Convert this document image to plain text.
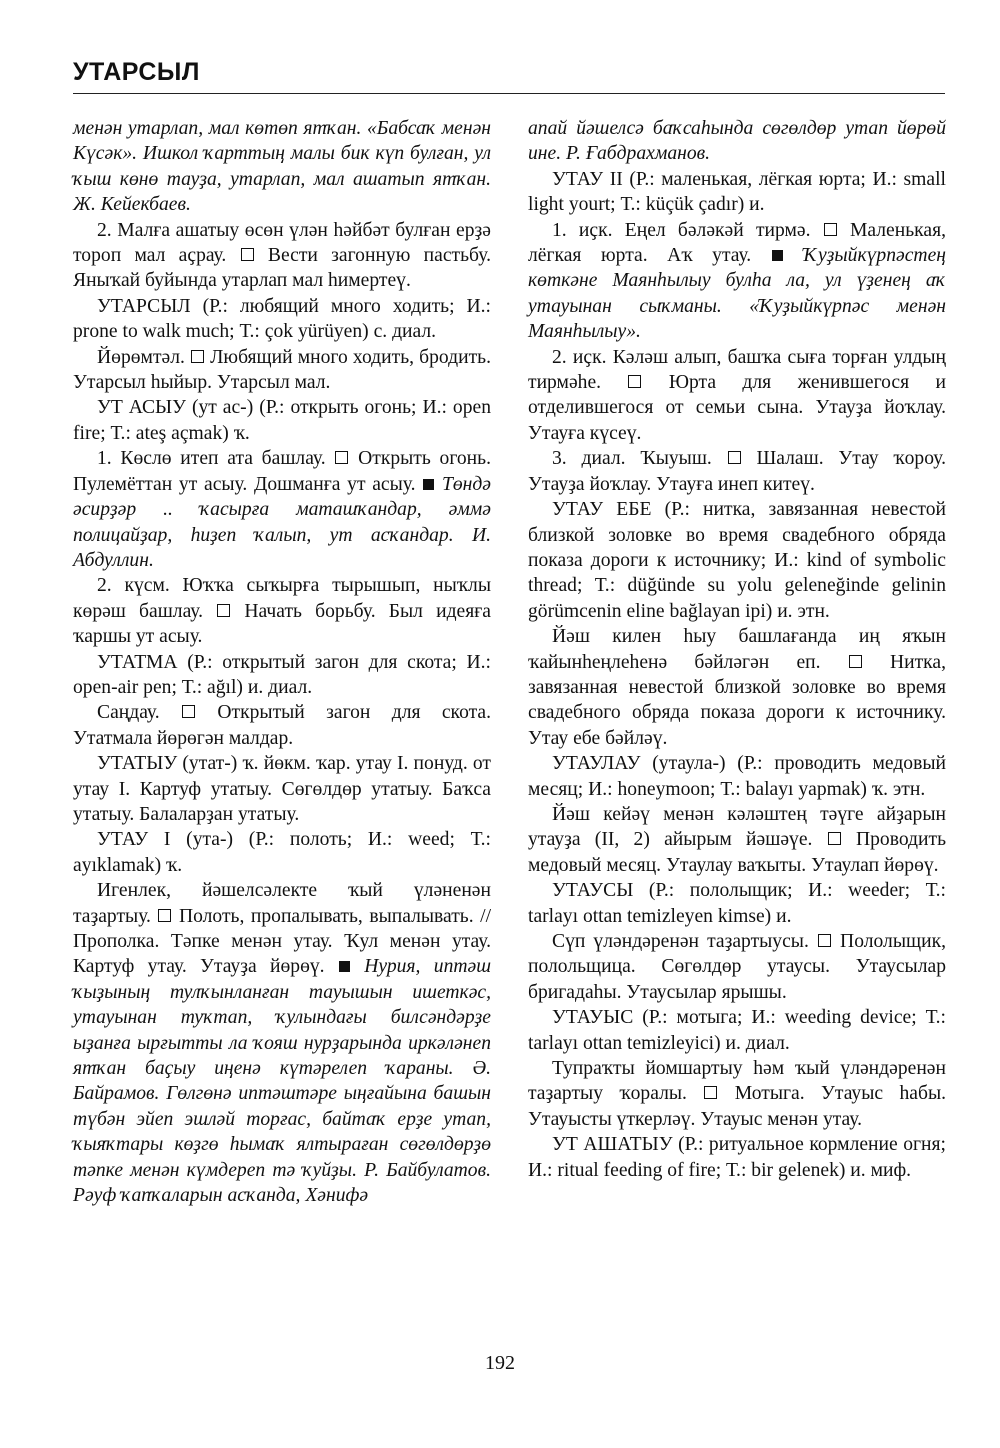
УТАРСЫЛ

менән утарлап, мал көтөп ятҡан. «Бабсаҡ менән Күсәк». Ишкол ҡарттың малы бик күп булған, ул ҡыш көнө тауҙа, утарлап, мал ашатып ятҡан. Ж. Кейекбаев.

2. Малға ашатыу өсөн үлән һәйбәт булған ерҙә тороп мал аҫрау. Вести загонную пастьбу. Яныҡай буйында утарлап мал һимертеү.

УТАРСЫЛ (Р.: любящий много ходить; И.: prone to walk much; Т.: çok yürüyen) с. диал.

Йөрөмтәл. Любящий много ходить, бродить. Утарсыл һыйыр. Утарсыл мал.

УТ АСЫУ (ут ас-) (Р.: открыть огонь; И.: open fire; Т.: ateş açmak) ҡ.

1. Көслө итеп ата башлау. Открыть огонь. Пулемёттан ут асыу. Дошманға ут асыу. Төндә әсирҙәр .. ҡасырға маташҡандар, әммә полицайҙар, һиҙеп ҡалып, ут асҡандар. И. Абдуллин.

2. күсм. Юҡҡа сыҡырға тырышып, ныҡлы көрәш башлау. Начать борьбу. Был идеяға ҡаршы ут асыу.

УТАТМА (Р.: открытый загон для скота; И.: open-air pen; Т.: ağıl) и. диал.

Саңдау.	Открытый загон для скота. Утатмала йөрөгән малдар.

УТАТЫУ (утат-) ҡ. йөкм. ҡар. утау I. понуд. от утау I. Картуф утатыу. Сөгөлдөр утатыу. Баҡса утатыу. Балаларҙан утатыу.

УТАУ I (ута-) (Р.: полоть; И.: weed; Т.: ayıklamak) ҡ.

Игенлек, йәшелсәлекте ҡый үләненән таҙартыу. Полоть, пропалывать, выпалывать. // Прополка. Тәпке менән утау. Ҡул менән утау. Картуф утау. Утауҙа йөрөү. Нурия, иптәш ҡыҙының тулҡынланған тауышын ишеткәс, утауынан туҡтап, ҡулындағы билсәндәрҙе ыҙанға ырғытты ла ҡояш нурҙарында иркәләнеп ятҡан баҫыу иңенә күтәрелеп ҡараны. Ә. Байрамов. Гөлгөнә иптәштәре ыңғайына башын түбән эйеп эшләй торғас, байтаҡ ерҙе утап, ҡыяҡтары көҙгө һымаҡ ялтыраған сөгөлдөрҙө тәпке менән күмдереп тә ҡуйҙы. Р. Байбулатов. Рәуф ҡапҡаларын асҡанда, Хәнифә

апай йәшелсә баҡсаһында сөгөлдөр утап йөрөй ине. Р. Ғабдрахманов.

УТАУ II (Р.: маленькая, лёгкая юрта; И.: small light yourt; Т.: küçük çadır) и.

1. иҫк. Еңел бәләкәй тирмә. Маленькая, лёгкая юрта. Аҡ утау.	Ҡуҙыйкүрпәстең көткәне Маянһылыу булһа ла, ул үҙенең аҡ утауынан сыҡманы. «Ҡуҙыйкүрпәс менән Маянһылыу».

2. иҫк. Кәләш алып, башҡа сыға торған улдың тирмәһе.	Юрта для женившегося и отделившегося от семьи сына. Утауҙа йоҡлау. Утауға күсеү.

3. диал. Ҡыуыш. Шалаш. Утау ҡороу. Утауҙа йоҡлау. Утауға инеп китеү.

УТАУ ЕБЕ (Р.: нитка, завязанная невестой близкой золовке во время свадебного обряда показа дороги к источнику; И.: kind of symbolic thread; Т.: düğünde su yolu geleneğinde gelinin görümcenin eline bağlayan ipi) и. этн.

Йәш килен һыу башлағанда иң яҡын ҡайынһеңлеһенә бәйләгән еп.	Нитка, завязанная невестой близкой золовке во время свадебного обряда показа дороги к источнику. Утау ебе бәйләү.

УТАУЛАУ (утаула-) (Р.: проводить медовый месяц; И.: honeymoon; Т.: balayı yapmak) ҡ. этн.

Йәш кейәү менән кәләштең тәүге айҙарын утауҙа (II, 2) айырым йәшәүе. Проводить медовый месяц. Утаулау ваҡыты. Утаулап йөрөү.

УТАУСЫ (Р.: пололыщик; И.: weeder; Т.: tarlayı ottan temizleyen kimse) и.

Сүп үләндәренән таҙартыусы. Пололыщик, полольщица. Сөгөлдөр утаусы. Утаусылар бригадаһы. Утаусылар ярышы.

УТАУЫС (Р.: мотыга; И.: weeding device; Т.: tarlayı ottan temizleyici) и. диал.

Тупраҡты йомшартыу һәм ҡый үләндәренән таҙартыу ҡоралы. Мотыга. Утауыс һабы. Утауысты үткерләү. Утауыс менән утау.

УТ АШАТЫУ (Р.: ритуальное кормление огня; И.: ritual feeding of fire; Т.: bir gelenek) и. миф.

192
